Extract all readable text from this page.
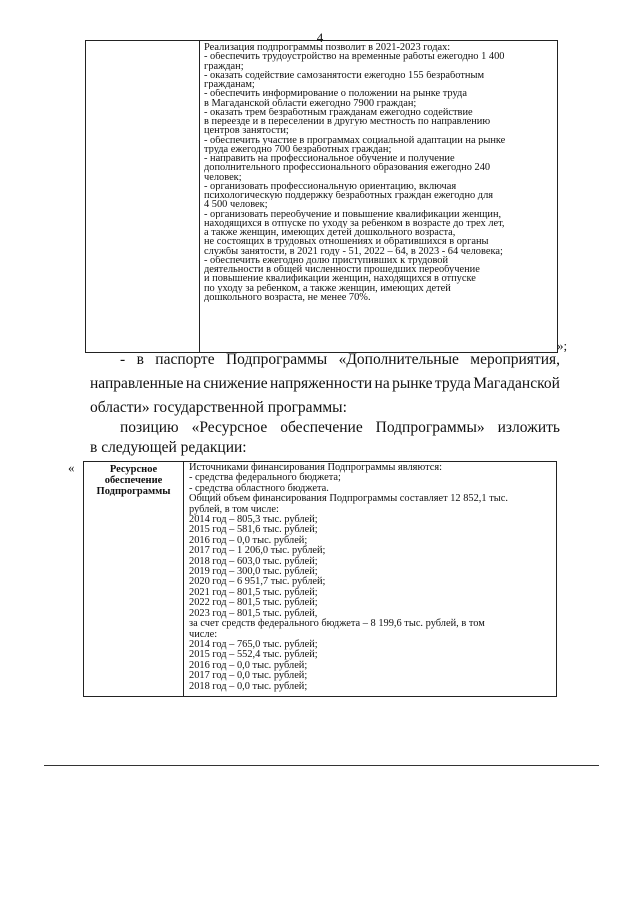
4
Реализация подпрограммы позволит в 2021-2023 годах:
- обеспечить трудоустройство на временные работы ежегодно 1 400
граждан;
- оказать содействие самозанятости ежегодно 155 безработным
гражданам;
- обеспечить информирование о положении на рынке труда
в Магаданской области ежегодно 7900 граждан;
- оказать трем безработным гражданам ежегодно содействие
в переезде и в переселении в другую местность по направлению
центров занятости;
- обеспечить участие в программах социальной адаптации на рынке
труда ежегодно 700 безработных граждан;
- направить на профессиональное обучение и получение
дополнительного профессионального образования ежегодно 240
человек;
- организовать профессиональную ориентацию, включая
психологическую поддержку безработных граждан ежегодно для
4 500 человек;
- организовать переобучение и повышение квалификации женщин,
находящихся в отпуске по уходу за ребенком в возрасте до трех лет,
а также женщин, имеющих детей дошкольного возраста,
не состоящих в трудовых отношениях и обратившихся в органы
службы занятости, в 2021 году - 51, 2022 – 64, в 2023 - 64 человека;
- обеспечить ежегодно долю приступивших к трудовой
деятельности в общей численности прошедших переобучение
и повышение квалификации женщин, находящихся в отпуске
по уходу за ребенком, а также женщин, имеющих детей
дошкольного возраста, не менее 70%.
»;
- в паспорте Подпрограммы «Дополнительные мероприятия,
направленные на снижение напряженности на рынке труда Магаданской
области» государственной программы:
позицию «Ресурсное обеспечение Подпрограммы» изложить
в следующей редакции:
«	Ресурсное
обеспечение
Подпрограммы
Источниками финансирования Подпрограммы являются:
- средства федерального бюджета;
- средства областного бюджета.
Общий объем финансирования Подпрограммы составляет 12 852,1 тыс.
рублей, в том числе:
2014 год – 805,3 тыс. рублей;
2015 год – 581,6 тыс. рублей;
2016 год – 0,0 тыс. рублей;
2017 год – 1 206,0 тыс. рублей;
2018 год – 603,0 тыс. рублей;
2019 год – 300,0 тыс. рублей;
2020 год – 6 951,7 тыс. рублей;
2021 год – 801,5 тыс. рублей;
2022 год – 801,5 тыс. рублей;
2023 год – 801,5 тыс. рублей,
за счет средств федерального бюджета – 8 199,6 тыс. рублей, в том
числе:
2014 год – 765,0 тыс. рублей;
2015 год – 552,4 тыс. рублей;
2016 год – 0,0 тыс. рублей;
2017 год – 0,0 тыс. рублей;
2018 год – 0,0 тыс. рублей;
